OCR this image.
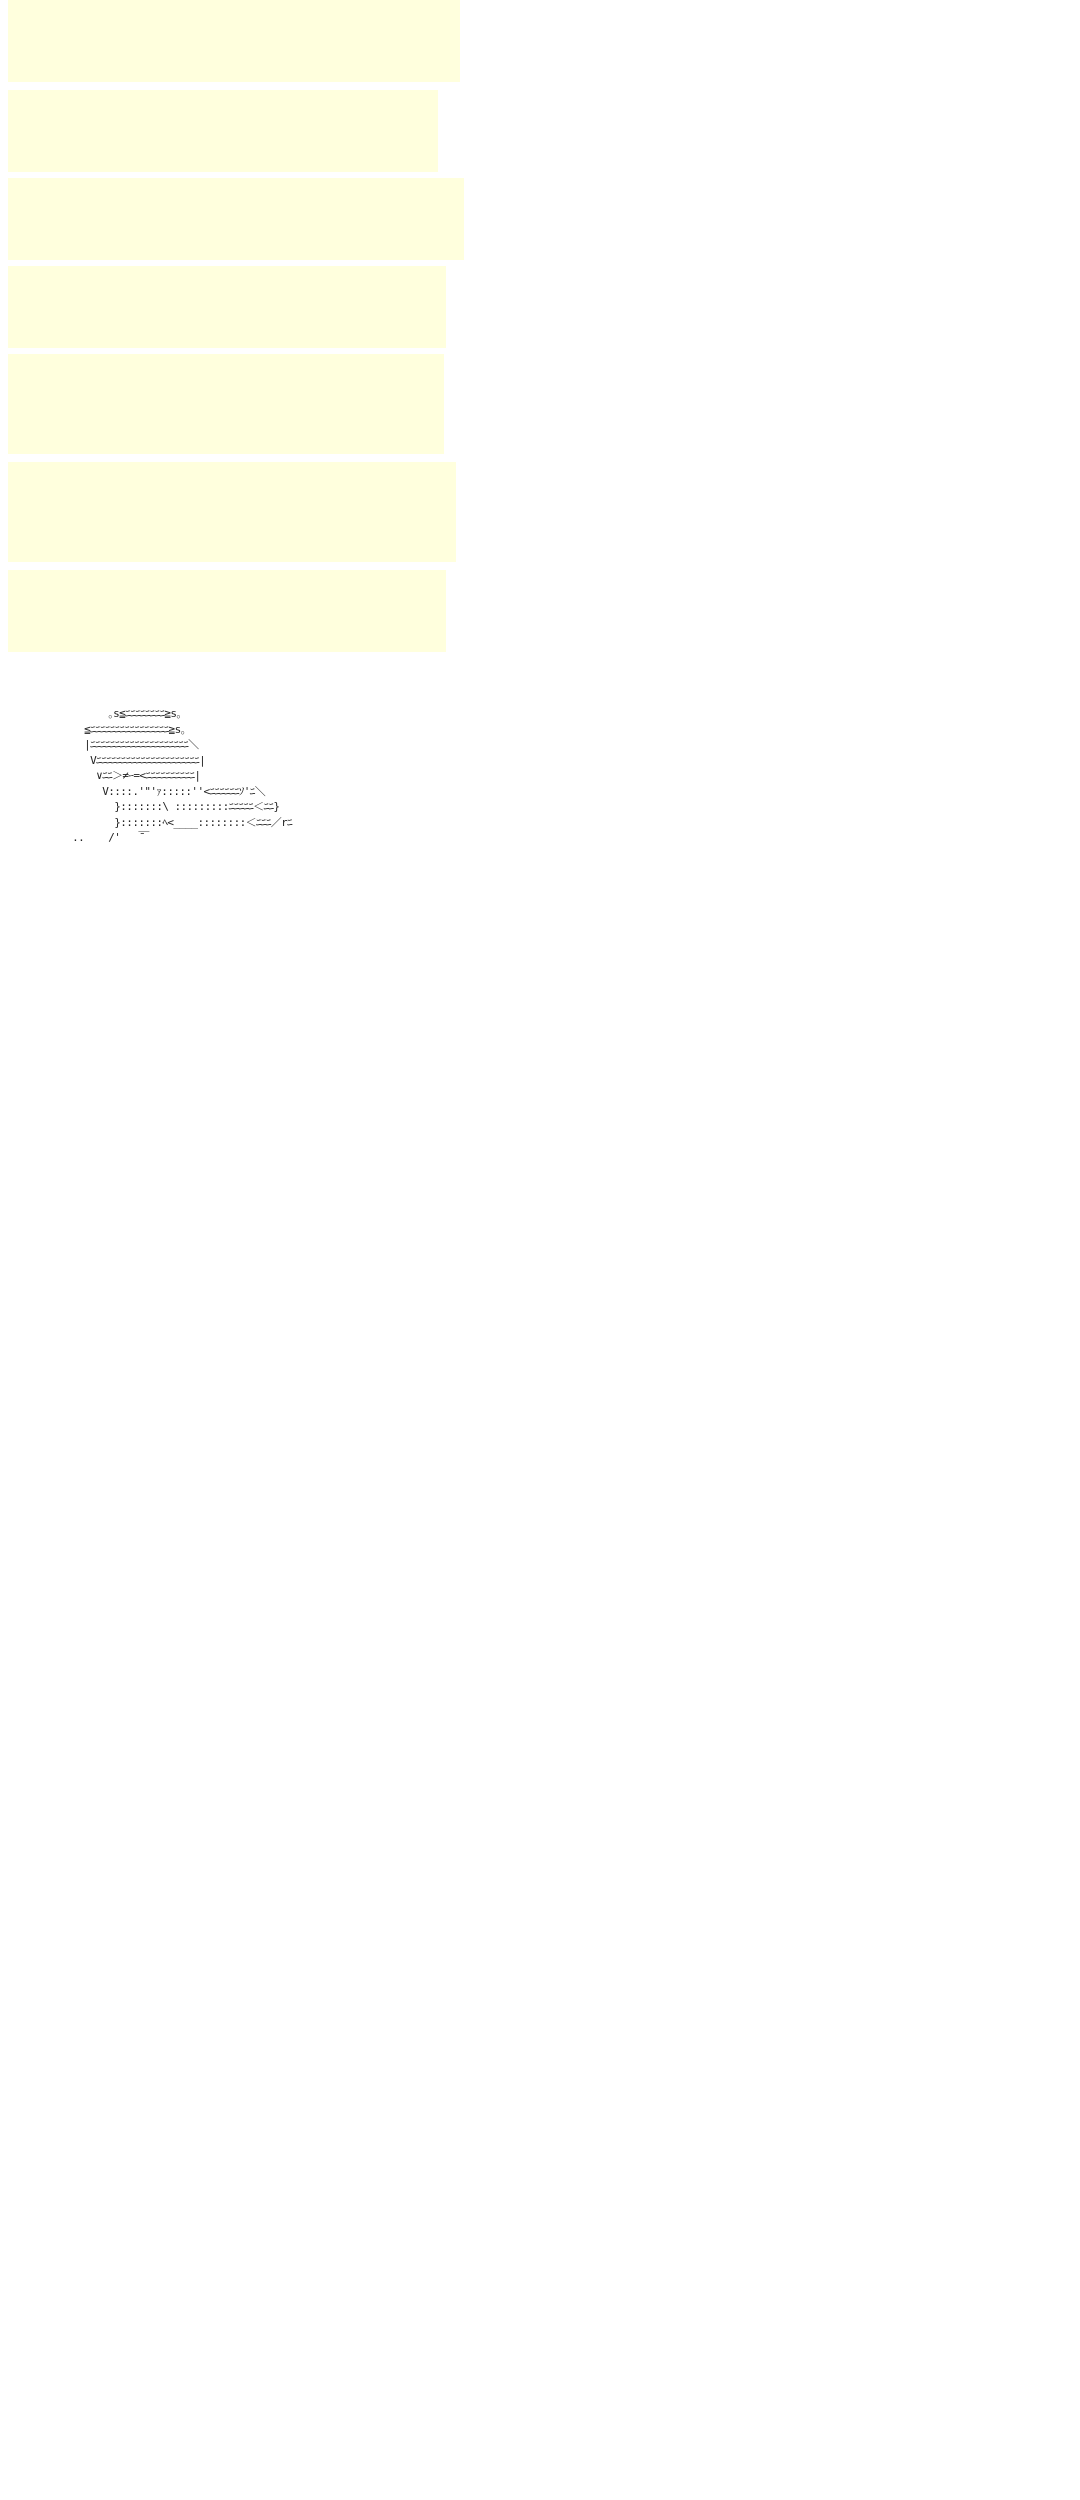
｡s≦ﾆﾆﾆﾆﾆﾆﾆﾆ≧s｡
≦ﾆﾆﾆﾆﾆﾆﾆﾆﾆﾆﾆﾆﾆﾆﾆﾆ≧s｡
|ﾆﾆﾆﾆﾆﾆﾆﾆﾆﾆﾆﾆﾆﾆﾆﾆﾆﾆﾆﾆ＼
Vﾆﾆﾆﾆﾆﾆﾆﾆﾆﾆﾆﾆﾆﾆﾆﾆﾆﾆﾆﾆﾆ|
∨ﾆﾆ＞≠ｰ=<ﾆﾆﾆﾆﾆﾆﾆﾆﾆﾆ|
V::::.'"'ｧ:::::''<ﾆﾆﾆﾆﾆﾆｿ'ﾆ＼
}:::::::\ :::::::::ﾆﾆﾆﾆﾆ＜ﾆﾆ}
}:::::::ﾍ<____::::::::＜ﾆﾆﾆ／rﾆ
..    /'   ̄￣
